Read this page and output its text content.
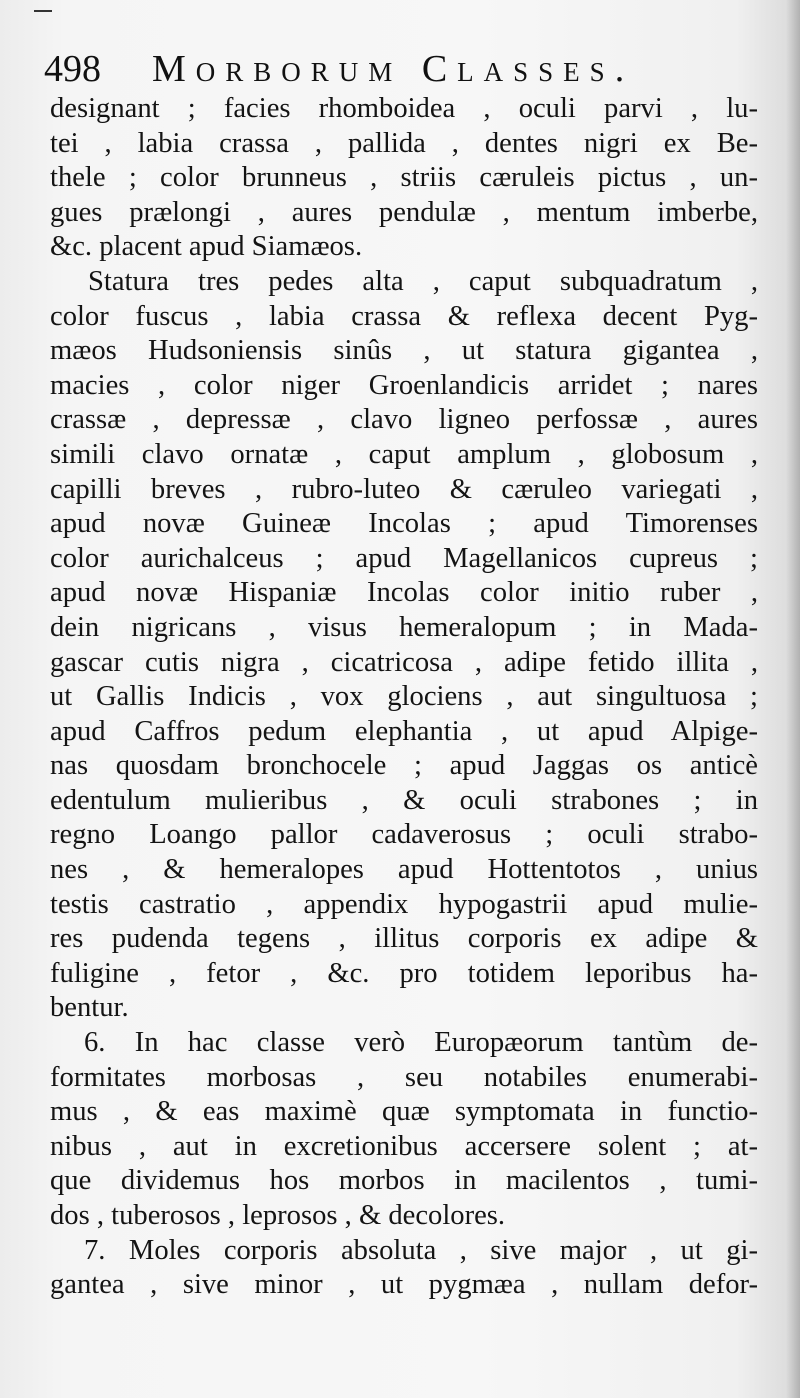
498 Morborum Classes.
designant ; facies rhomboidea , oculi parvi , lu-
tei , labia crassa , pallida , dentes nigri ex Be-
thele ; color brunneus , striis cæruleis pictus , un-
gues prælongi , aures pendulæ , mentum imberbe,
&c. placent apud Siamæos.
Statura tres pedes alta , caput subquadratum ,
color fuscus , labia crassa & reflexa decent Pyg-
mæos Hudsoniensis sinûs , ut statura gigantea ,
macies , color niger Groenlandicis arridet ; nares
crassæ , depressæ , clavo ligneo perfossæ , aures
simili clavo ornatæ , caput amplum , globosum ,
capilli breves , rubro-luteo & cæruleo variegati ,
apud novæ Guineæ Incolas ; apud Timorenses
color aurichalceus ; apud Magellanicos cupreus ;
apud novæ Hispaniæ Incolas color initio ruber ,
dein nigricans , visus hemeralopum ; in Mada-
gascar cutis nigra , cicatricosa , adipe fetido illita ,
ut Gallis Indicis , vox glociens , aut singultuosa ;
apud Caffros pedum elephantia , ut apud Alpige-
nas quosdam bronchocele ; apud Jaggas os anticè
edentulum mulieribus , & oculi strabones ; in
regno Loango pallor cadaverosus ; oculi strabo-
nes , & hemeralopes apud Hottentotos , unius
testis castratio , appendix hypogastrii apud mulie-
res pudenda tegens , illitus corporis ex adipe &
fuligine , fetor , &c. pro totidem leporibus ha-
bentur.
6. In hac classe verò Europæorum tantùm de-
formitates morbosas , seu notabiles enumerabi-
mus , & eas maximè quæ symptomata in functio-
nibus , aut in excretionibus accersere solent ; at-
que dividemus hos morbos in macilentos , tumi-
dos , tuberosos , leprosos , & decolores.
7. Moles corporis absoluta , sive major , ut gi-
gantea , sive minor , ut pygmæa , nullam defor-
